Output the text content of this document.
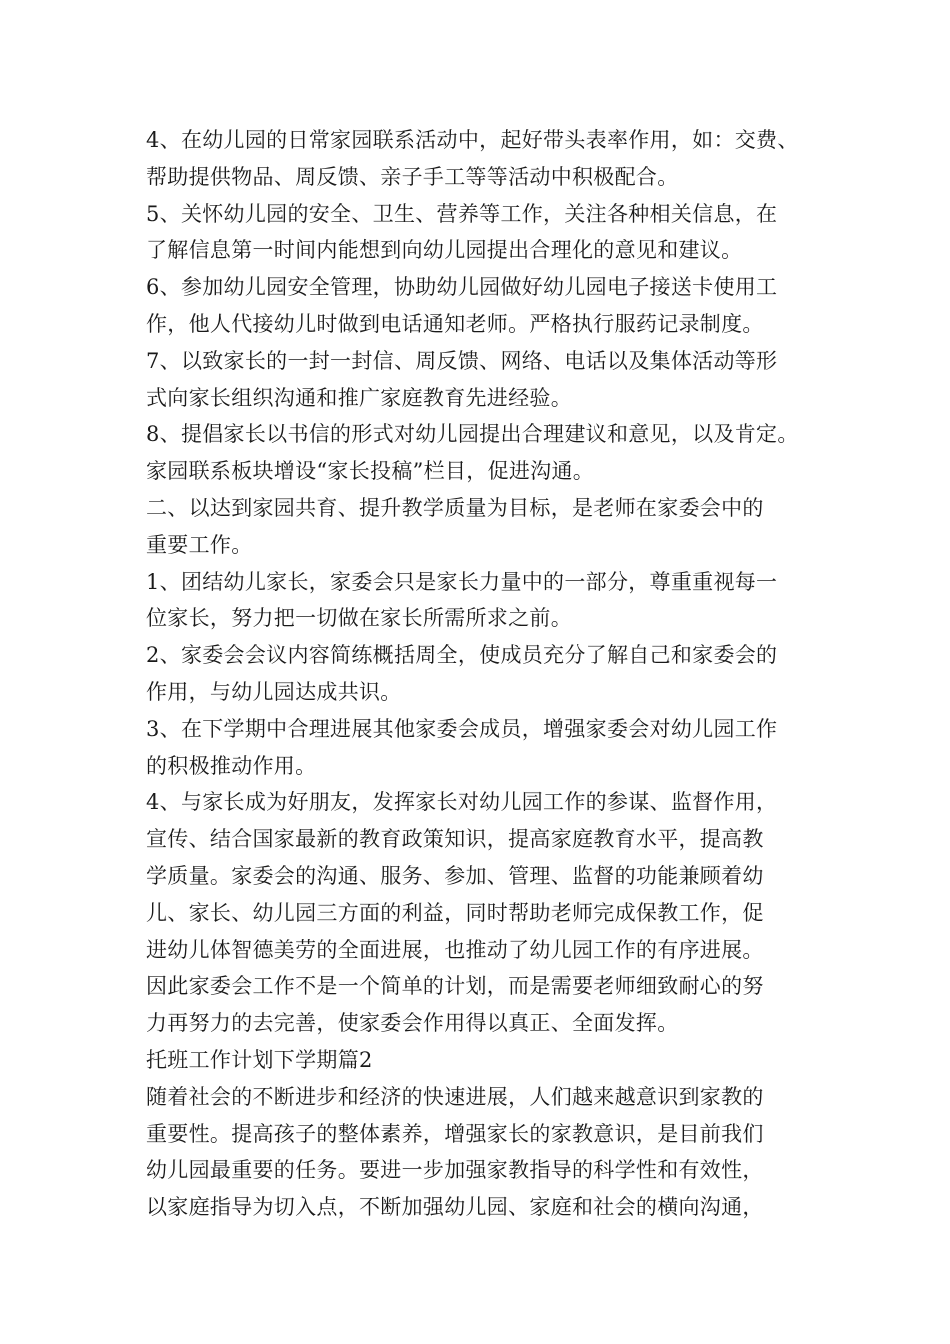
4、在幼儿园的日常家园联系活动中，起好带头表率作用，如：交费、
帮助提供物品、周反馈、亲子手工等等活动中积极配合。
5、关怀幼儿园的安全、卫生、营养等工作，关注各种相关信息，在
了解信息第一时间内能想到向幼儿园提出合理化的意见和建议。
6、参加幼儿园安全管理，协助幼儿园做好幼儿园电子接送卡使用工
作，他人代接幼儿时做到电话通知老师。严格执行服药记录制度。
7、以致家长的一封一封信、周反馈、网络、电话以及集体活动等形
式向家长组织沟通和推广家庭教育先进经验。
8、提倡家长以书信的形式对幼儿园提出合理建议和意见，以及肯定。
家园联系板块增设“家长投稿”栏目，促进沟通。
二、以达到家园共育、提升教学质量为目标，是老师在家委会中的
重要工作。
1、团结幼儿家长，家委会只是家长力量中的一部分，尊重重视每一
位家长，努力把一切做在家长所需所求之前。
2、家委会会议内容简练概括周全，使成员充分了解自己和家委会的
作用，与幼儿园达成共识。
3、在下学期中合理进展其他家委会成员，增强家委会对幼儿园工作
的积极推动作用。
4、与家长成为好朋友，发挥家长对幼儿园工作的参谋、监督作用，
宣传、结合国家最新的教育政策知识，提高家庭教育水平，提高教
学质量。家委会的沟通、服务、参加、管理、监督的功能兼顾着幼
儿、家长、幼儿园三方面的利益，同时帮助老师完成保教工作，促
进幼儿体智德美劳的全面进展，也推动了幼儿园工作的有序进展。
因此家委会工作不是一个简单的计划，而是需要老师细致耐心的努
力再努力的去完善，使家委会作用得以真正、全面发挥。
托班工作计划下学期篇2
随着社会的不断进步和经济的快速进展，人们越来越意识到家教的
重要性。提高孩子的整体素养，增强家长的家教意识，是目前我们
幼儿园最重要的任务。要进一步加强家教指导的科学性和有效性，
以家庭指导为切入点，不断加强幼儿园、家庭和社会的横向沟通，
